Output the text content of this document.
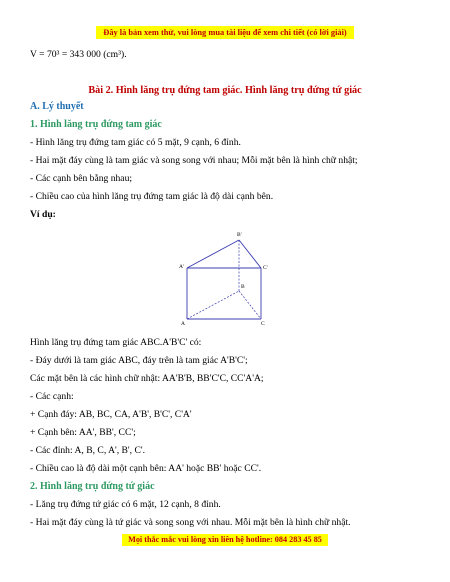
Đây là bản xem thử, vui lòng mua tài liệu để xem chi tiết (có lời giải)
V = 70³ = 343 000 (cm³).
Bài 2. Hình lăng trụ đứng tam giác. Hình lăng trụ đứng tứ giác
A. Lý thuyết
1. Hình lăng trụ đứng tam giác
- Hình lăng trụ đứng tam giác có 5 mặt, 9 cạnh, 6 đỉnh.
- Hai mặt đáy cùng là tam giác và song song với nhau; Mỗi mặt bên là hình chữ nhật;
- Các cạnh bên bằng nhau;
- Chiều cao của hình lăng trụ đứng tam giác là độ dài cạnh bên.
Ví dụ:
B'
A'	C'
B
A	C
Hình lăng trụ đứng tam giác ABC.A'B'C' có:
- Đáy dưới là tam giác ABC, đáy trên là tam giác A'B'C';
Các mặt bên là các hình chữ nhật: AA'B'B, BB'C'C, CC'A'A;
- Các cạnh:
+ Cạnh đáy: AB, BC, CA, A'B', B'C', C'A'
+ Cạnh bên: AA', BB', CC';
- Các đỉnh: A, B, C, A', B', C'.
- Chiều cao là độ dài một cạnh bên: AA' hoặc BB' hoặc CC'.
2. Hình lăng trụ đứng tứ giác
- Lăng trụ đứng tứ giác có 6 mặt, 12 cạnh, 8 đỉnh.
- Hai mặt đáy cùng là tứ giác và song song với nhau. Mỗi mặt bên là hình chữ nhật.
Mọi thắc mắc vui lòng xin liên hệ hotline: 084 283 45 85
